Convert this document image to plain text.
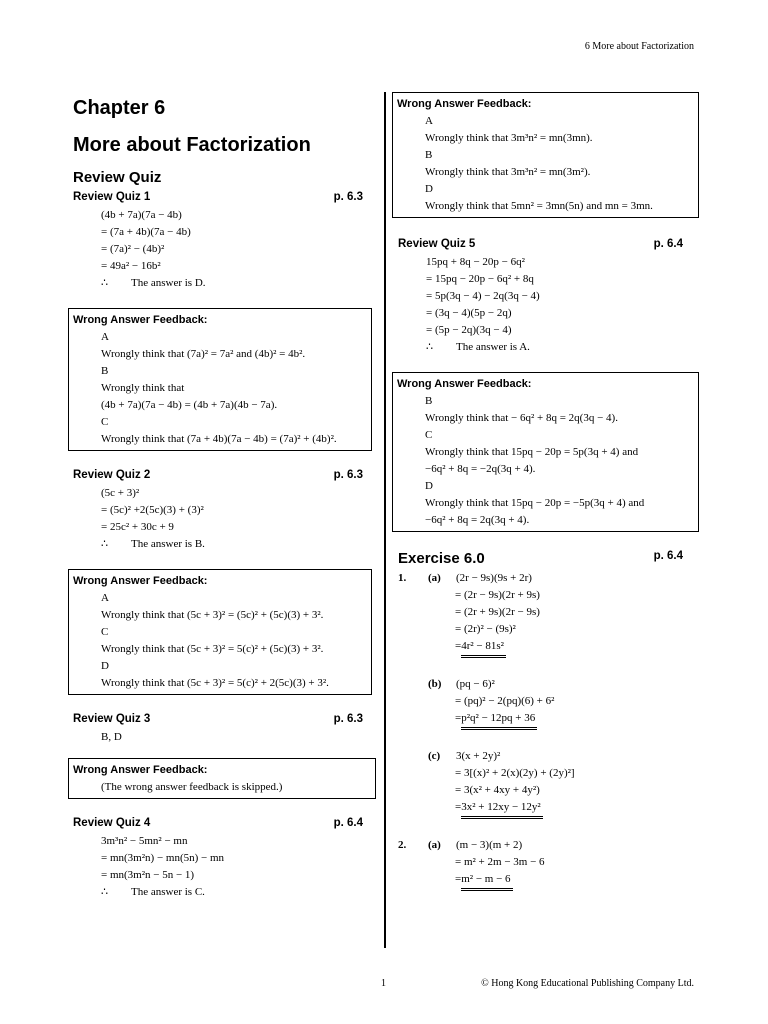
6 More about Factorization
Chapter 6
More about Factorization
Review Quiz
Review Quiz 1	p. 6.3
(4b + 7a)(7a − 4b)
= (7a + 4b)(7a − 4b)
= (7a)² − (4b)²
= 49a² − 16b²
∴ The answer is D.
Wrong Answer Feedback:
A
Wrongly think that (7a)² = 7a² and (4b)² = 4b².
B
Wrongly think that
(4b + 7a)(7a − 4b) = (4b + 7a)(4b − 7a).
C
Wrongly think that (7a + 4b)(7a − 4b) = (7a)² + (4b)².
Review Quiz 2	p. 6.3
(5c + 3)²
= (5c)² +2(5c)(3) + (3)²
= 25c² + 30c + 9
∴ The answer is B.
Wrong Answer Feedback:
A
Wrongly think that (5c + 3)² = (5c)² + (5c)(3) + 3².
C
Wrongly think that (5c + 3)² = 5(c)² + (5c)(3) + 3².
D
Wrongly think that (5c + 3)² = 5(c)² + 2(5c)(3) + 3².
Review Quiz 3	p. 6.3
B, D
Wrong Answer Feedback:
(The wrong answer feedback is skipped.)
Review Quiz 4	p. 6.4
3m³n² − 5mn² − mn
= mn(3m²n) − mn(5n) − mn
= mn(3m²n − 5n − 1)
∴ The answer is C.
Wrong Answer Feedback:
A
Wrongly think that 3m³n² = mn(3mn).
B
Wrongly think that 3m³n² = mn(3m²).
D
Wrongly think that 5mn² = 3mn(5n) and mn = 3mn.
Review Quiz 5	p. 6.4
15pq + 8q − 20p − 6q²
= 15pq − 20p − 6q² + 8q
= 5p(3q − 4) − 2q(3q − 4)
= (3q − 4)(5p − 2q)
= (5p − 2q)(3q − 4)
∴ The answer is A.
Wrong Answer Feedback:
B
Wrongly think that − 6q² + 8q = 2q(3q − 4).
C
Wrongly think that 15pq − 20p = 5p(3q + 4) and
−6q² + 8q = −2q(3q + 4).
D
Wrongly think that 15pq − 20p = −5p(3q + 4) and
−6q² + 8q = 2q(3q + 4).
Exercise 6.0	p. 6.4
1.	(a)	(2r − 9s)(9s + 2r)
= (2r − 9s)(2r + 9s)
= (2r + 9s)(2r − 9s)
= (2r)² − (9s)²
=4r² − 81s²
(b)	(pq − 6)²
= (pq)² − 2(pq)(6) + 6²
=p²q² − 12pq + 36
(c)	3(x + 2y)²
= 3[(x)² + 2(x)(2y) + (2y)²]
= 3(x² + 4xy + 4y²)
=3x² + 12xy − 12y²
2.	(a)	(m − 3)(m + 2)
= m² + 2m − 3m − 6
=m² − m − 6
1	© Hong Kong Educational Publishing Company Ltd.
